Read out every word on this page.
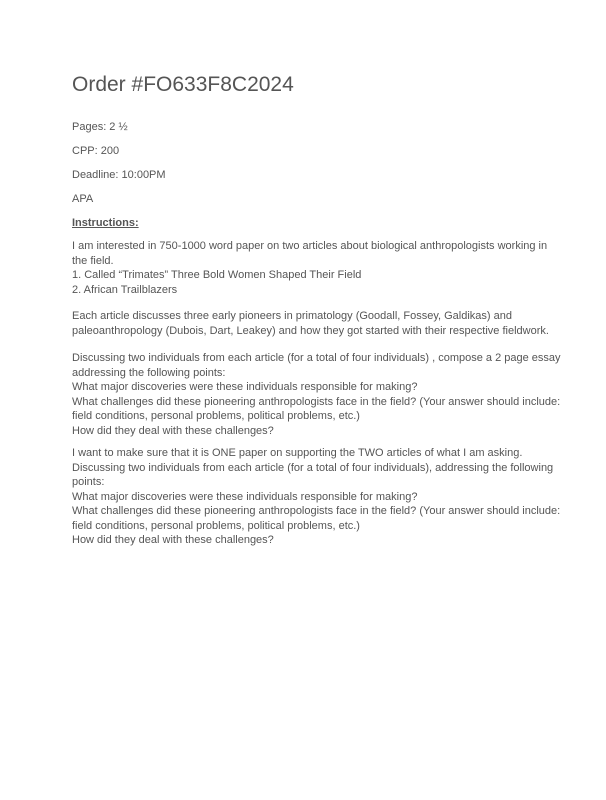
Order #FO633F8C2024

Pages: 2 ½

CPP: 200

Deadline: 10:00PM

APA

Instructions:

I am interested in 750-1000 word paper on two articles about biological anthropologists working in
the field.
1. Called “Trimates” Three Bold Women Shaped Their Field
2. African Trailblazers
Each article discusses three early pioneers in primatology (Goodall, Fossey, Galdikas) and
paleoanthropology (Dubois, Dart, Leakey) and how they got started with their respective fieldwork.
Discussing two individuals from each article (for a total of four individuals) , compose a 2 page essay
addressing the following points:
What major discoveries were these individuals responsible for making?
What challenges did these pioneering anthropologists face in the field? (Your answer should include:
field conditions, personal problems, political problems, etc.)
How did they deal with these challenges?
I want to make sure that it is ONE paper on supporting the TWO articles of what I am asking.
Discussing two individuals from each article (for a total of four individuals), addressing the following
points:
What major discoveries were these individuals responsible for making?
What challenges did these pioneering anthropologists face in the field? (Your answer should include:
field conditions, personal problems, political problems, etc.)
How did they deal with these challenges?
